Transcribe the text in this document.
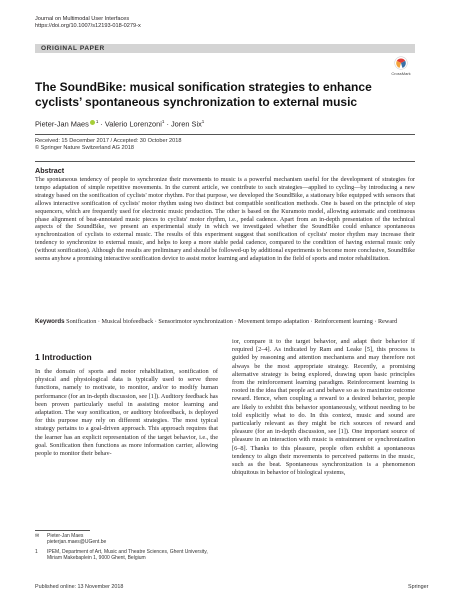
Journal on Multimodal User Interfaces
https://doi.org/10.1007/s12193-018-0279-x
ORIGINAL PAPER
CrossMark
The SoundBike: musical sonification strategies to enhance cyclists’ spontaneous synchronization to external music
Pieter-Jan Maes $^1$ · Valerio Lorenzoni$^1$ · Joren Six$^1$
Received: 15 December 2017 / Accepted: 30 October 2018
© Springer Nature Switzerland AG 2018
Abstract
The spontaneous tendency of people to synchronize their movements to music is a powerful mechanism useful for the development of strategies for tempo adaptation of simple repetitive movements. In the current article, we contribute to such strategies—applied to cycling—by introducing a new strategy based on the sonification of cyclists' motor rhythm. For that purpose, we developed the SoundBike, a stationary bike equipped with sensors that allows interactive sonification of cyclists' motor rhythm using two distinct but compatible sonification methods. One is based on the principle of step sequencers, which are frequently used for electronic music production. The other is based on the Kuramoto model, allowing automatic and continuous phase alignment of beat-annotated music pieces to cyclists' motor rhythm, i.e., pedal cadence. Apart from an in-depth presentation of the technical aspects of the SoundBike, we present an experimental study in which we investigated whether the SoundBike could enhance spontaneous synchronization of cyclists to external music. The results of this experiment suggest that sonification of cyclists' motor rhythm may increase their tendency to synchronize to external music, and helps to keep a more stable pedal cadence, compared to the condition of having external music only (without sonification). Although the results are preliminary and should be followed-up by additional experiments to become more conclusive, SoundBike seems anyhow a promising interactive sonification device to assist motor learning and adaptation in the field of sports and motor rehabilitation.
Keywords Sonification · Musical biofeedback · Sensorimotor synchronization · Movement tempo adaptation · Reinforcement learning · Reward
1 Introduction

In the domain of sports and motor rehabilitation, sonification of physical and physiological data is typically used to serve three functions, namely to motivate, to monitor, and/or to modify human performance (for an in-depth discussion, see [1]). Auditory feedback has been proven particularly useful in assisting motor learning and adaptation. The way sonification, or auditory biofeedback, is deployed for this purpose may rely on different strategies. The most typical strategy pertains to a goal-driven approach. This approach requires that the learner has an explicit representation of the target behavior, i.e., the goal. Sonification then functions as more information carrier, allowing people to monitor their behav-

ior, compare it to the target behavior, and adapt their behavior if required [2–4]. As indicated by Ram and Leake [5], this process is guided by reasoning and attention mechanisms and may therefore not always be the most appropriate strategy. Recently, a promising alternative strategy is being explored, drawing upon basic principles from the reinforcement learning paradigm. Reinforcement learning is rooted in the idea that people act and behave so as to maximize outcome reward. Hence, when coupling a reward to a desired behavior, people are likely to exhibit this behavior spontaneously, without needing to be told explicitly what to do. In this context, music and sound are particularly relevant as they might be rich sources of reward and pleasure (for an in-depth discussion, see [1]). One important source of pleasure in an interaction with music is entrainment or synchronization [6–8]. Thanks to this pleasure, people often exhibit a spontaneous tendency to align their movements to perceived patterns in the music, such as the beat. Spontaneous synchronization is a phenomenon ubiquitous in behavior of biological systems,

✉	Pieter-Jan Maes
pieterjan.maes@UGent.be
1	IPEM, Department of Art, Music and Theatre Sciences, Ghent University, Miriam Makebaplein 1, 9000 Ghent, Belgium
Published online: 13 November 2018	Springer
